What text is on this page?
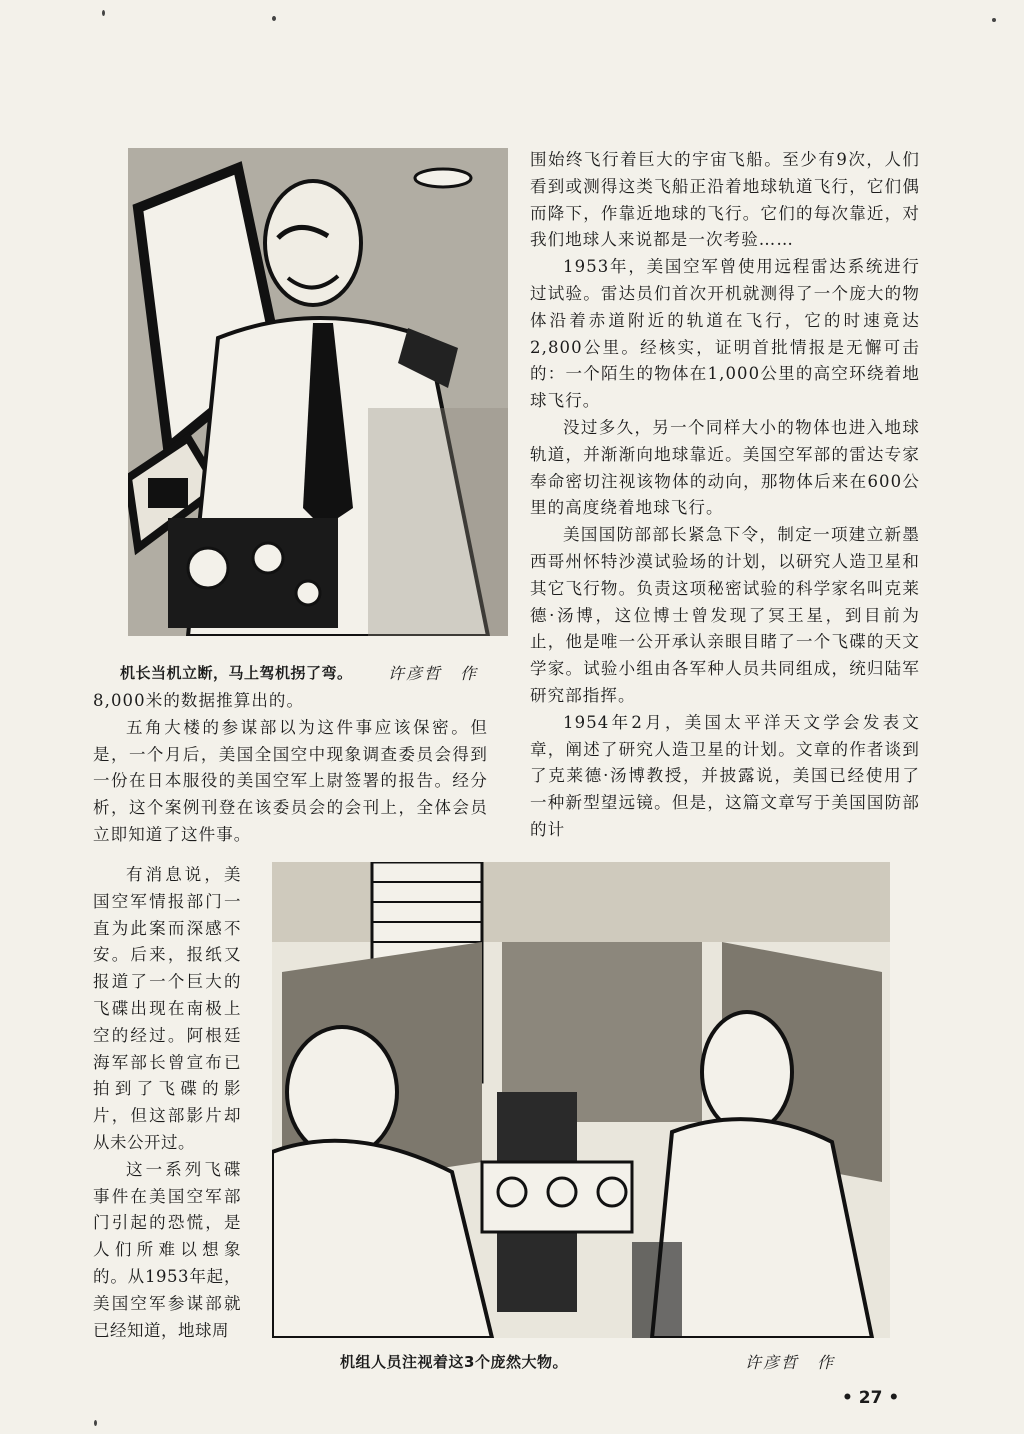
机长当机立断，马上驾机拐了弯。 许彦哲　作

围始终飞行着巨大的宇宙飞船。至少有9次，人们看到或测得这类飞船正沿着地球轨道飞行，它们偶而降下，作靠近地球的飞行。它们的每次靠近，对我们地球人来说都是一次考验……

1953年，美国空军曾使用远程雷达系统进行过试验。雷达员们首次开机就测得了一个庞大的物体沿着赤道附近的轨道在飞行，它的时速竟达2,800公里。经核实，证明首批情报是无懈可击的：一个陌生的物体在1,000公里的高空环绕着地球飞行。

没过多久，另一个同样大小的物体也进入地球轨道，并渐渐向地球靠近。美国空军部的雷达专家奉命密切注视该物体的动向，那物体后来在600公里的高度绕着地球飞行。

美国国防部部长紧急下令，制定一项建立新墨西哥州怀特沙漠试验场的计划，以研究人造卫星和其它飞行物。负责这项秘密试验的科学家名叫克莱德·汤博，这位博士曾发现了冥王星，到目前为止，他是唯一公开承认亲眼目睹了一个飞碟的天文学家。试验小组由各军种人员共同组成，统归陆军研究部指挥。

1954年2月，美国太平洋天文学会发表文章，阐述了研究人造卫星的计划。文章的作者谈到了克莱德·汤博教授，并披露说，美国已经使用了一种新型望远镜。但是，这篇文章写于美国国防部的计

8,000米的数据推算出的。

五角大楼的参谋部以为这件事应该保密。但是，一个月后，美国全国空中现象调查委员会得到一份在日本服役的美国空军上尉签署的报告。经分析，这个案例刊登在该委员会的会刊上，全体会员立即知道了这件事。

有消息说，美国空军情报部门一直为此案而深感不安。后来，报纸又报道了一个巨大的飞碟出现在南极上空的经过。阿根廷海军部长曾宣布已拍到了飞碟的影片，但这部影片却从未公开过。

这一系列飞碟事件在美国空军部门引起的恐慌，是人们所难以想象的。从1953年起，美国空军参谋部就已经知道，地球周

机组人员注视着这3个庞然大物。	许彦哲　作
• 27 •
